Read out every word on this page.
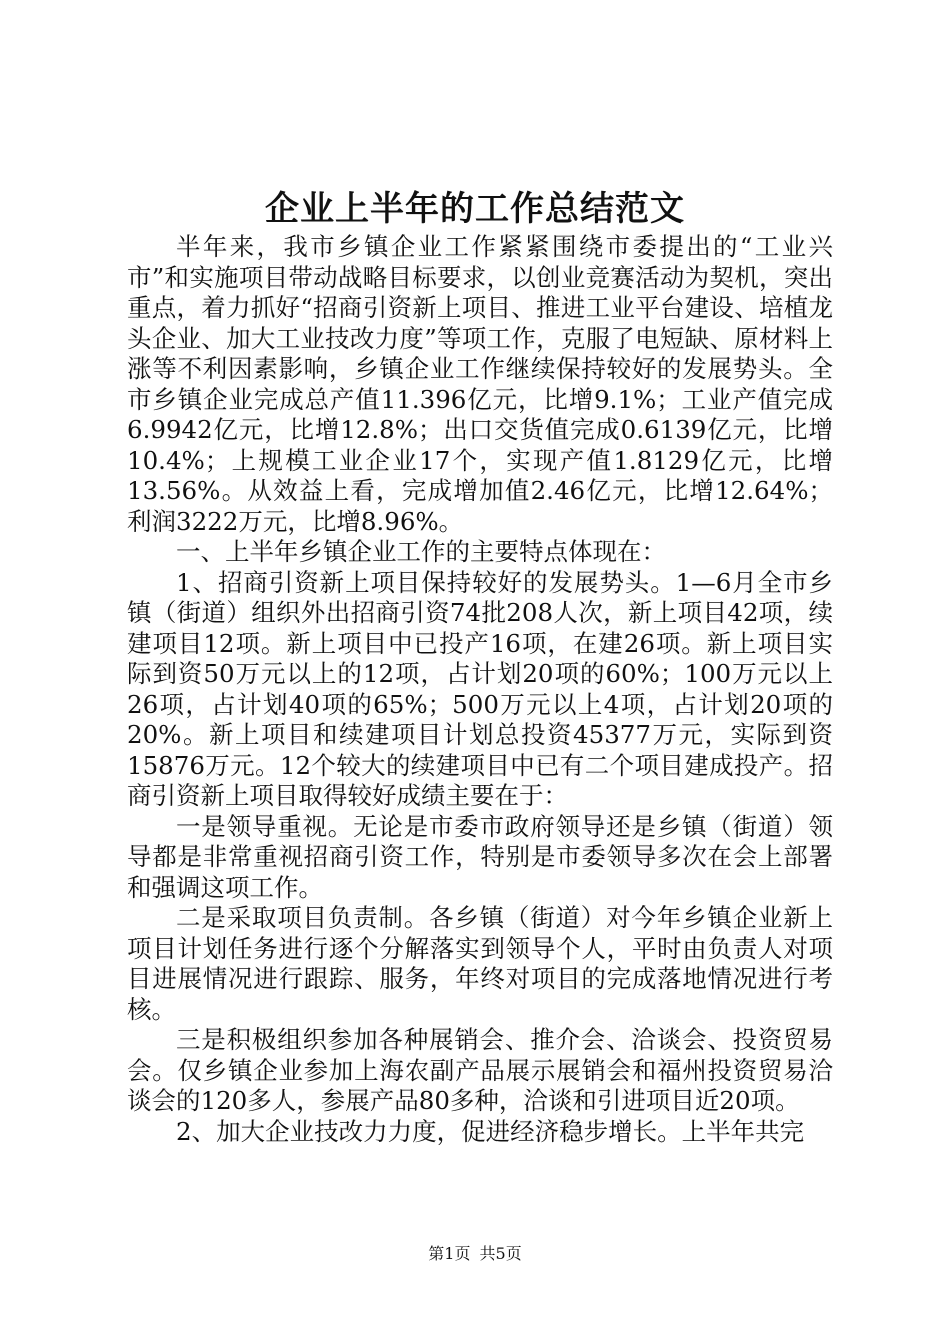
企业上半年的工作总结范文

半年来，我市乡镇企业工作紧紧围绕市委提出的“工业兴市”和实施项目带动战略目标要求，以创业竞赛活动为契机，突出重点，着力抓好“招商引资新上项目、推进工业平台建设、培植龙头企业、加大工业技改力度”等项工作，克服了电短缺、原材料上涨等不利因素影响，乡镇企业工作继续保持较好的发展势头。全市乡镇企业完成总产值11.396亿元，比增9.1%；工业产值完成6.9942亿元，比增12.8%；出口交货值完成0.6139亿元，比增10.4%；上规模工业企业17个，实现产值1.8129亿元，比增13.56%。从效益上看，完成增加值2.46亿元，比增12.64%；利润3222万元，比增8.96%。

一、上半年乡镇企业工作的主要特点体现在：

1、招商引资新上项目保持较好的发展势头。1—6月全市乡镇（街道）组织外出招商引资74批208人次，新上项目42项，续建项目12项。新上项目中已投产16项，在建26项。新上项目实际到资50万元以上的12项，占计划20项的60%；100万元以上26项，占计划40项的65%；500万元以上4项，占计划20项的20%。新上项目和续建项目计划总投资45377万元，实际到资15876万元。12个较大的续建项目中已有二个项目建成投产。招商引资新上项目取得较好成绩主要在于：

一是领导重视。无论是市委市政府领导还是乡镇（街道）领导都是非常重视招商引资工作，特别是市委领导多次在会上部署和强调这项工作。

二是采取项目负责制。各乡镇（街道）对今年乡镇企业新上项目计划任务进行逐个分解落实到领导个人，平时由负责人对项目进展情况进行跟踪、服务，年终对项目的完成落地情况进行考核。

三是积极组织参加各种展销会、推介会、洽谈会、投资贸易会。仅乡镇企业参加上海农副产品展示展销会和福州投资贸易洽谈会的120多人，参展产品80多种，洽谈和引进项目近20项。

2、加大企业技改力力度，促进经济稳步增长。上半年共完

第1页 共5页
